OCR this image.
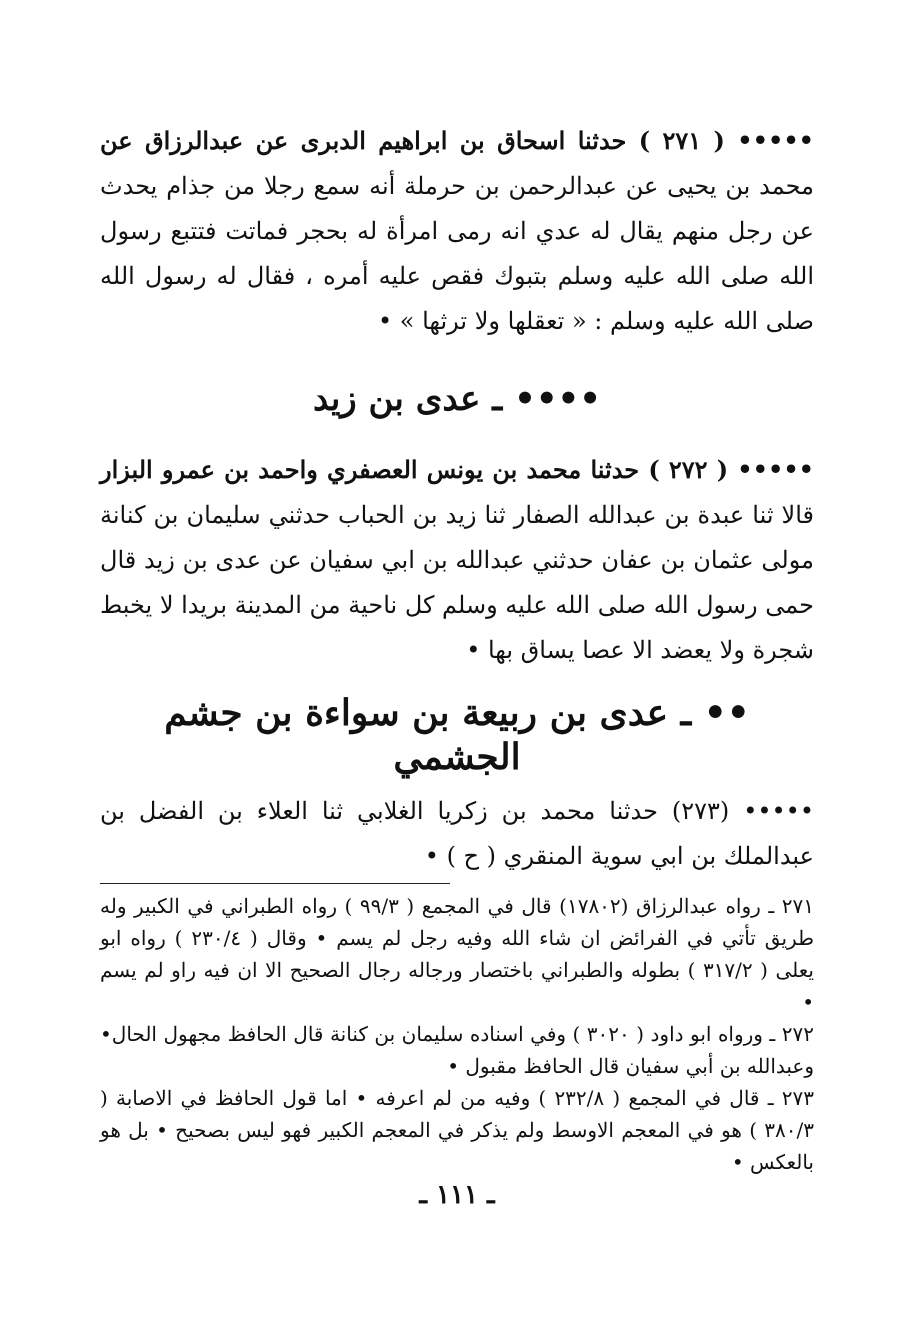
••••• ( ٢٧١ ) حدثنا اسحاق بن ابراهيم الدبرى عن عبدالرزاق عن محمد بن يحيى عن عبدالرحمن بن حرملة أنه سمع رجلا من جذام يحدث عن رجل منهم يقال له عدي انه رمى امرأة له بحجر فماتت فتتبع رسول الله صلى الله عليه وسلم بتبوك فقص عليه أمره ، فقال له رسول الله صلى الله عليه وسلم : « تعقلها ولا ترثها » •

•••• ـ عدى بن زيد

••••• ( ٢٧٢ ) حدثنا محمد بن يونس العصفري واحمد بن عمرو البزار قالا ثنا عبدة بن عبدالله الصفار ثنا زيد بن الحباب حدثني سليمان بن كنانة مولى عثمان بن عفان حدثني عبدالله بن ابي سفيان عن عدى بن زيد قال حمى رسول الله صلى الله عليه وسلم كل ناحية من المدينة بريدا لا يخبط شجرة ولا يعضد الا عصا يساق بها •

•• ـ عدى بن ربيعة بن سواءة بن جشم الجشمي

••••• (٢٧٣) حدثنا محمد بن زكريا الغلابي ثنا العلاء بن الفضل بن عبدالملك بن ابي سوية المنقري ( ح ) •

٢٧١ ـ رواه عبدالرزاق (١٧٨٠٢) قال في المجمع ( ٩٩/٣ ) رواه الطبراني في الكبير وله طريق تأتي في الفرائض ان شاء الله وفيه رجل لم يسم • وقال ( ٢٣٠/٤ ) رواه ابو يعلى ( ٣١٧/٢ ) بطوله والطبراني باختصار ورجاله رجال الصحيح الا ان فيه راو لم يسم •

٢٧٢ ـ ورواه ابو داود ( ٣٠٢٠ ) وفي اسناده سليمان بن كنانة قال الحافظ مجهول الحال• وعبدالله بن أبي سفيان قال الحافظ مقبول •

٢٧٣ ـ قال في المجمع ( ٢٣٢/٨ ) وفيه من لم اعرفه • اما قول الحافظ في الاصابة ( ٣٨٠/٣ ) هو في المعجم الاوسط ولم يذكر في المعجم الكبير فهو ليس بصحيح • بل هو بالعكس •

ـ ١١١ ـ
